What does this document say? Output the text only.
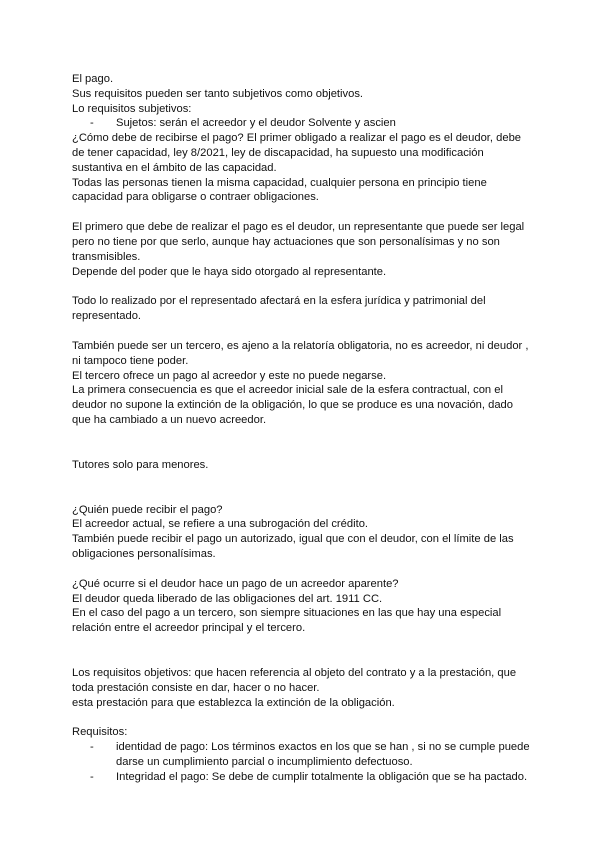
El pago.
Sus requisitos pueden ser tanto subjetivos como objetivos.
Lo requisitos subjetivos:
-	Sujetos: serán el acreedor y el deudor Solvente y ascien
¿Cómo debe de recibirse el pago? El primer obligado a realizar el pago es el deudor, debe
de tener capacidad, ley 8/2021, ley de discapacidad, ha supuesto una modificación
sustantiva en el ámbito de las capacidad.
Todas las personas tienen la misma capacidad, cualquier persona en principio tiene
capacidad para obligarse o contraer obligaciones.
El primero que debe de realizar el pago es el deudor, un representante que puede ser legal
pero no tiene por que serlo, aunque hay actuaciones que son personalísimas y no son
transmisibles.
Depende del poder que le haya sido otorgado al representante.
Todo lo realizado por el representado afectará en la esfera jurídica y patrimonial del
representado.
También puede ser un tercero, es ajeno a la relatoría obligatoria, no es acreedor, ni deudor ,
ni tampoco tiene poder.
El tercero ofrece un pago al acreedor y este no puede negarse.
La primera consecuencia es que el acreedor inicial sale de la esfera contractual, con el
deudor no supone la extinción de la obligación, lo que se produce es una novación, dado
que ha cambiado a un nuevo acreedor.
Tutores solo para menores.
¿Quién puede recibir el pago?
El acreedor actual, se refiere a una subrogación del crédito.
También puede recibir el pago un autorizado, igual que con el deudor, con el límite de las
obligaciones personalísimas.
¿Qué ocurre si el deudor hace un pago de un acreedor aparente?
El deudor queda liberado de las obligaciones del art. 1911 CC.
En el caso del pago a un tercero, son siempre situaciones en las que hay una especial
relación entre el acreedor principal y el tercero.
Los requisitos objetivos: que hacen referencia al objeto del contrato y a la prestación, que
toda prestación consiste en dar, hacer o no hacer.
esta prestación para que establezca la extinción de la obligación.
Requisitos:
-	identidad de pago: Los términos exactos en los que se han , si no se cumple puede
darse un cumplimiento parcial o incumplimiento defectuoso.
-	Integridad el pago: Se debe de cumplir totalmente la obligación que se ha pactado.
